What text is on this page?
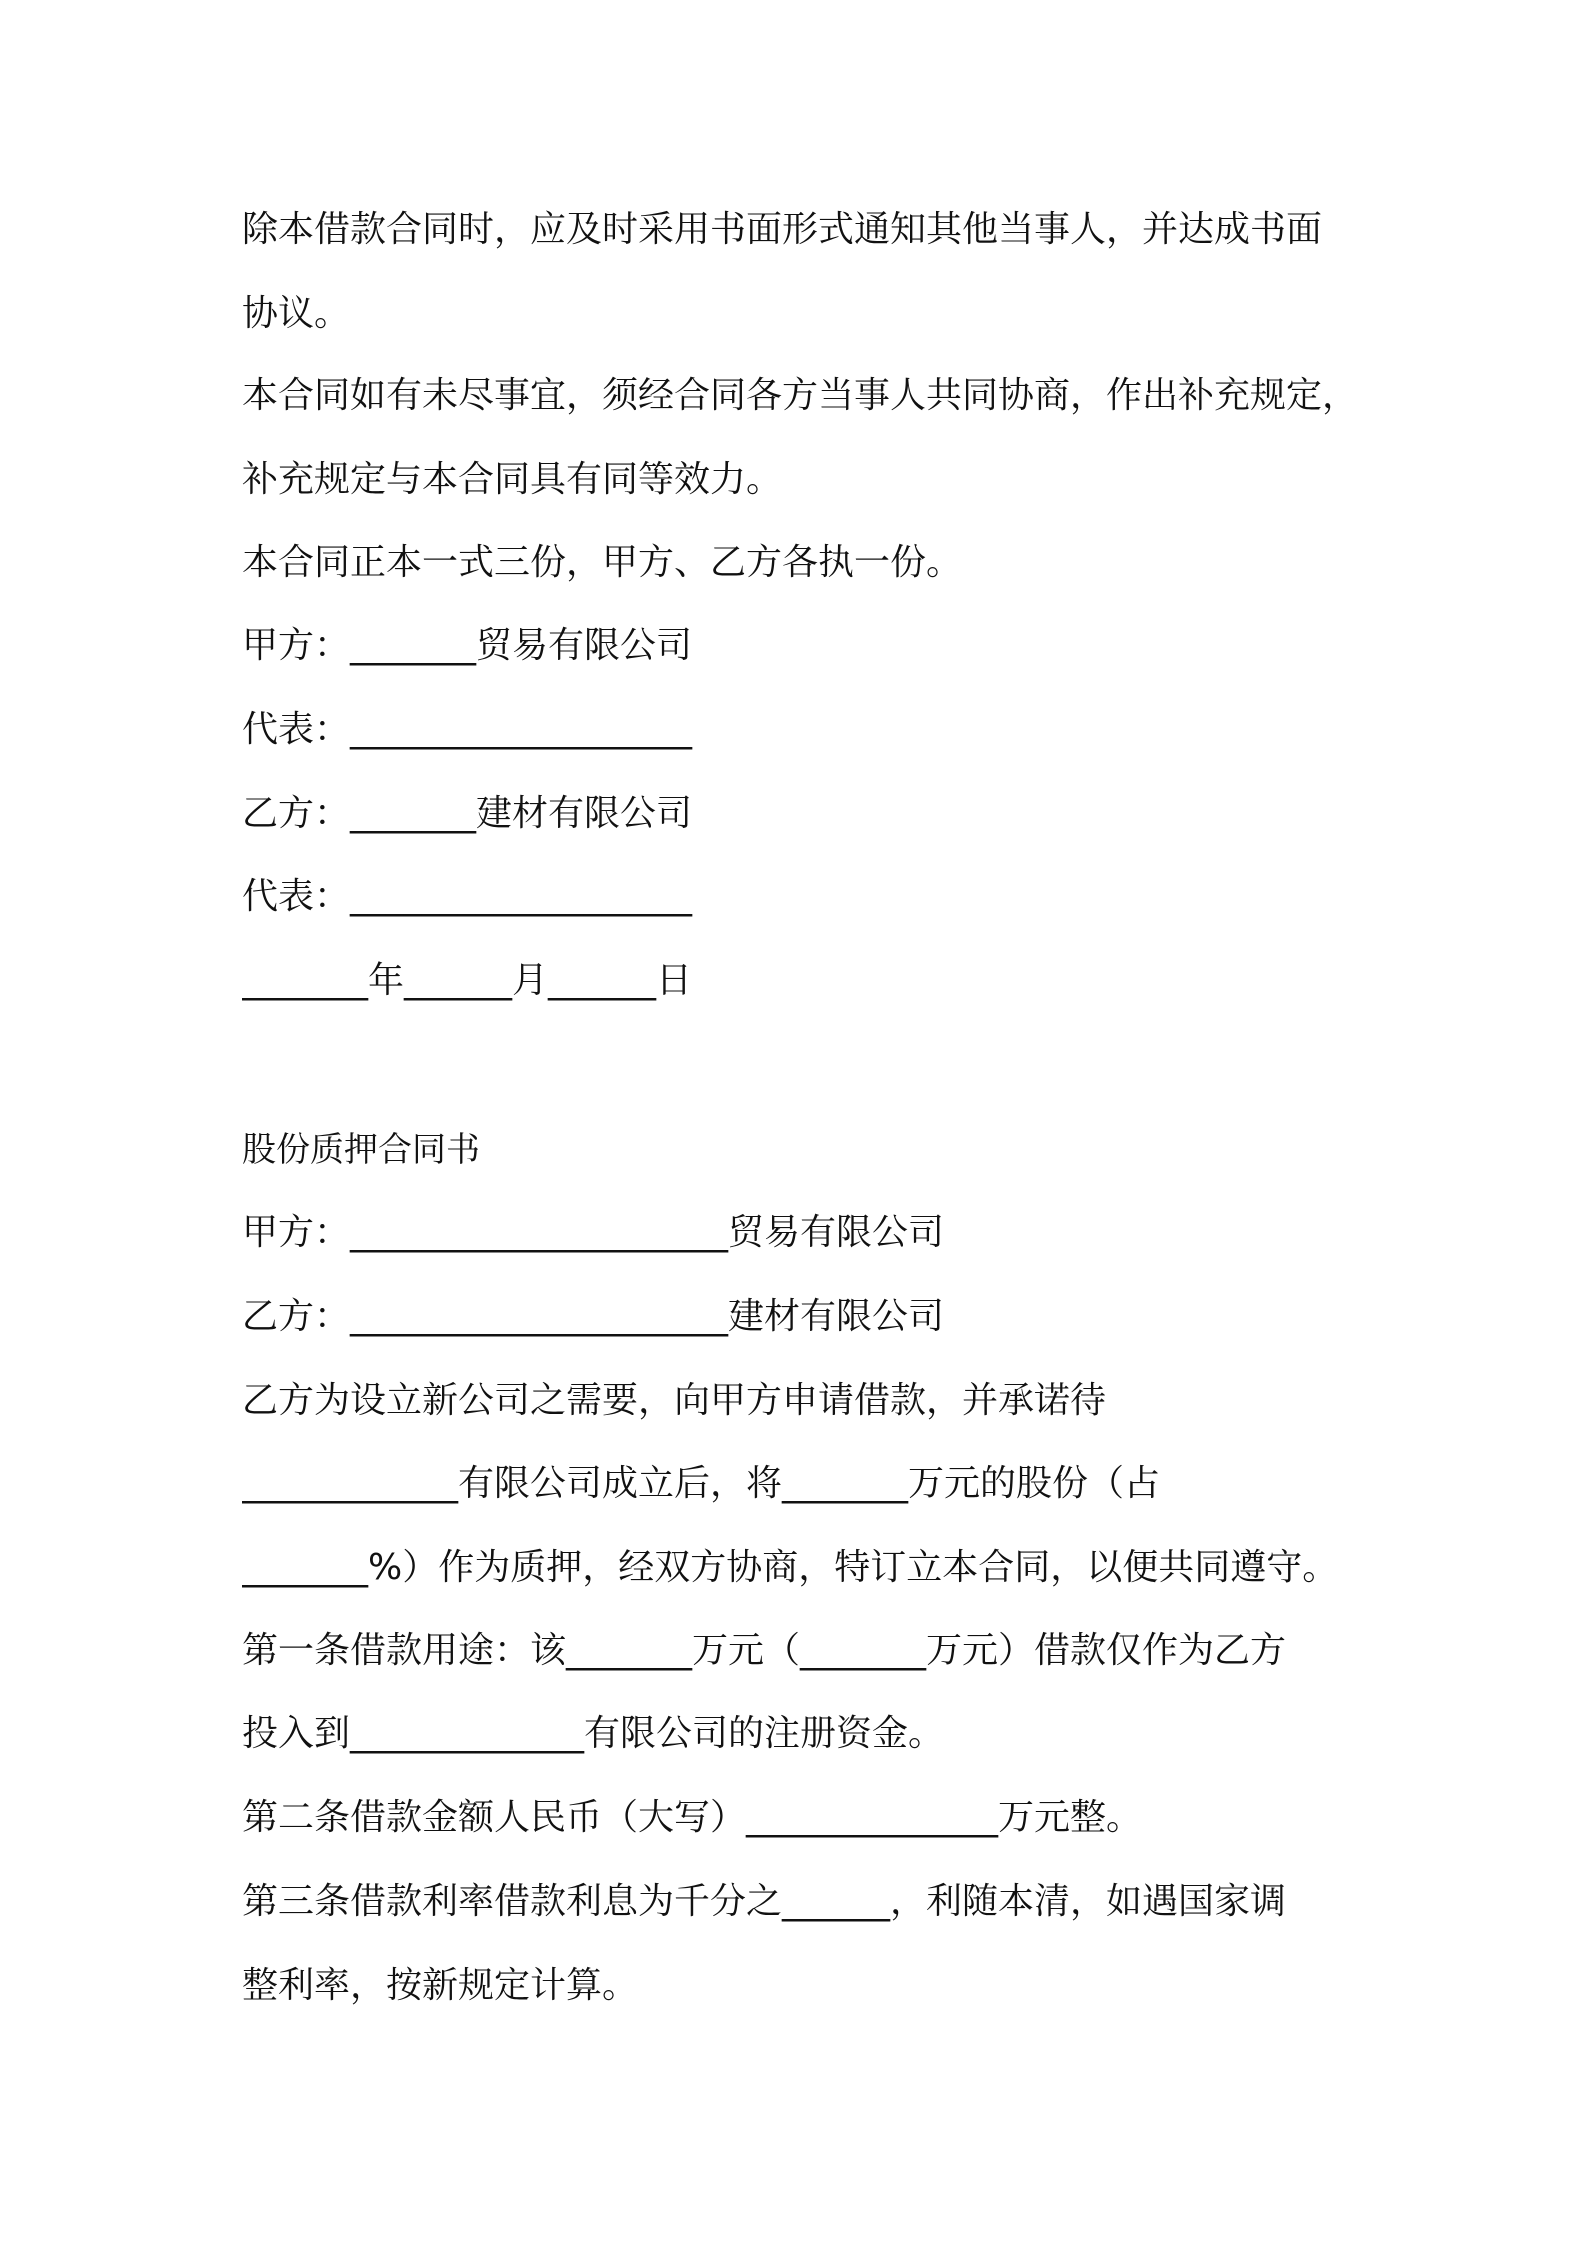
除本借款合同时，应及时采用书面形式通知其他当事人，并达成书面
协议。
本合同如有未尽事宜，须经合同各方当事人共同协商，作出补充规定，
补充规定与本合同具有同等效力。
本合同正本一式三份，甲方、乙方各执一份。
甲方：_______贸易有限公司
代表：___________________
乙方：_______建材有限公司
代表：___________________
_______年______月______日
股份质押合同书
甲方：_____________________贸易有限公司
乙方：_____________________建材有限公司
乙方为设立新公司之需要，向甲方申请借款，并承诺待
____________有限公司成立后，将_______万元的股份（占
_______%）作为质押，经双方协商，特订立本合同，以便共同遵守。
第一条借款用途：该_______万元（_______万元）借款仅作为乙方
投入到_____________有限公司的注册资金。
第二条借款金额人民币（大写）______________万元整。
第三条借款利率借款利息为千分之______，利随本清，如遇国家调
整利率，按新规定计算。
